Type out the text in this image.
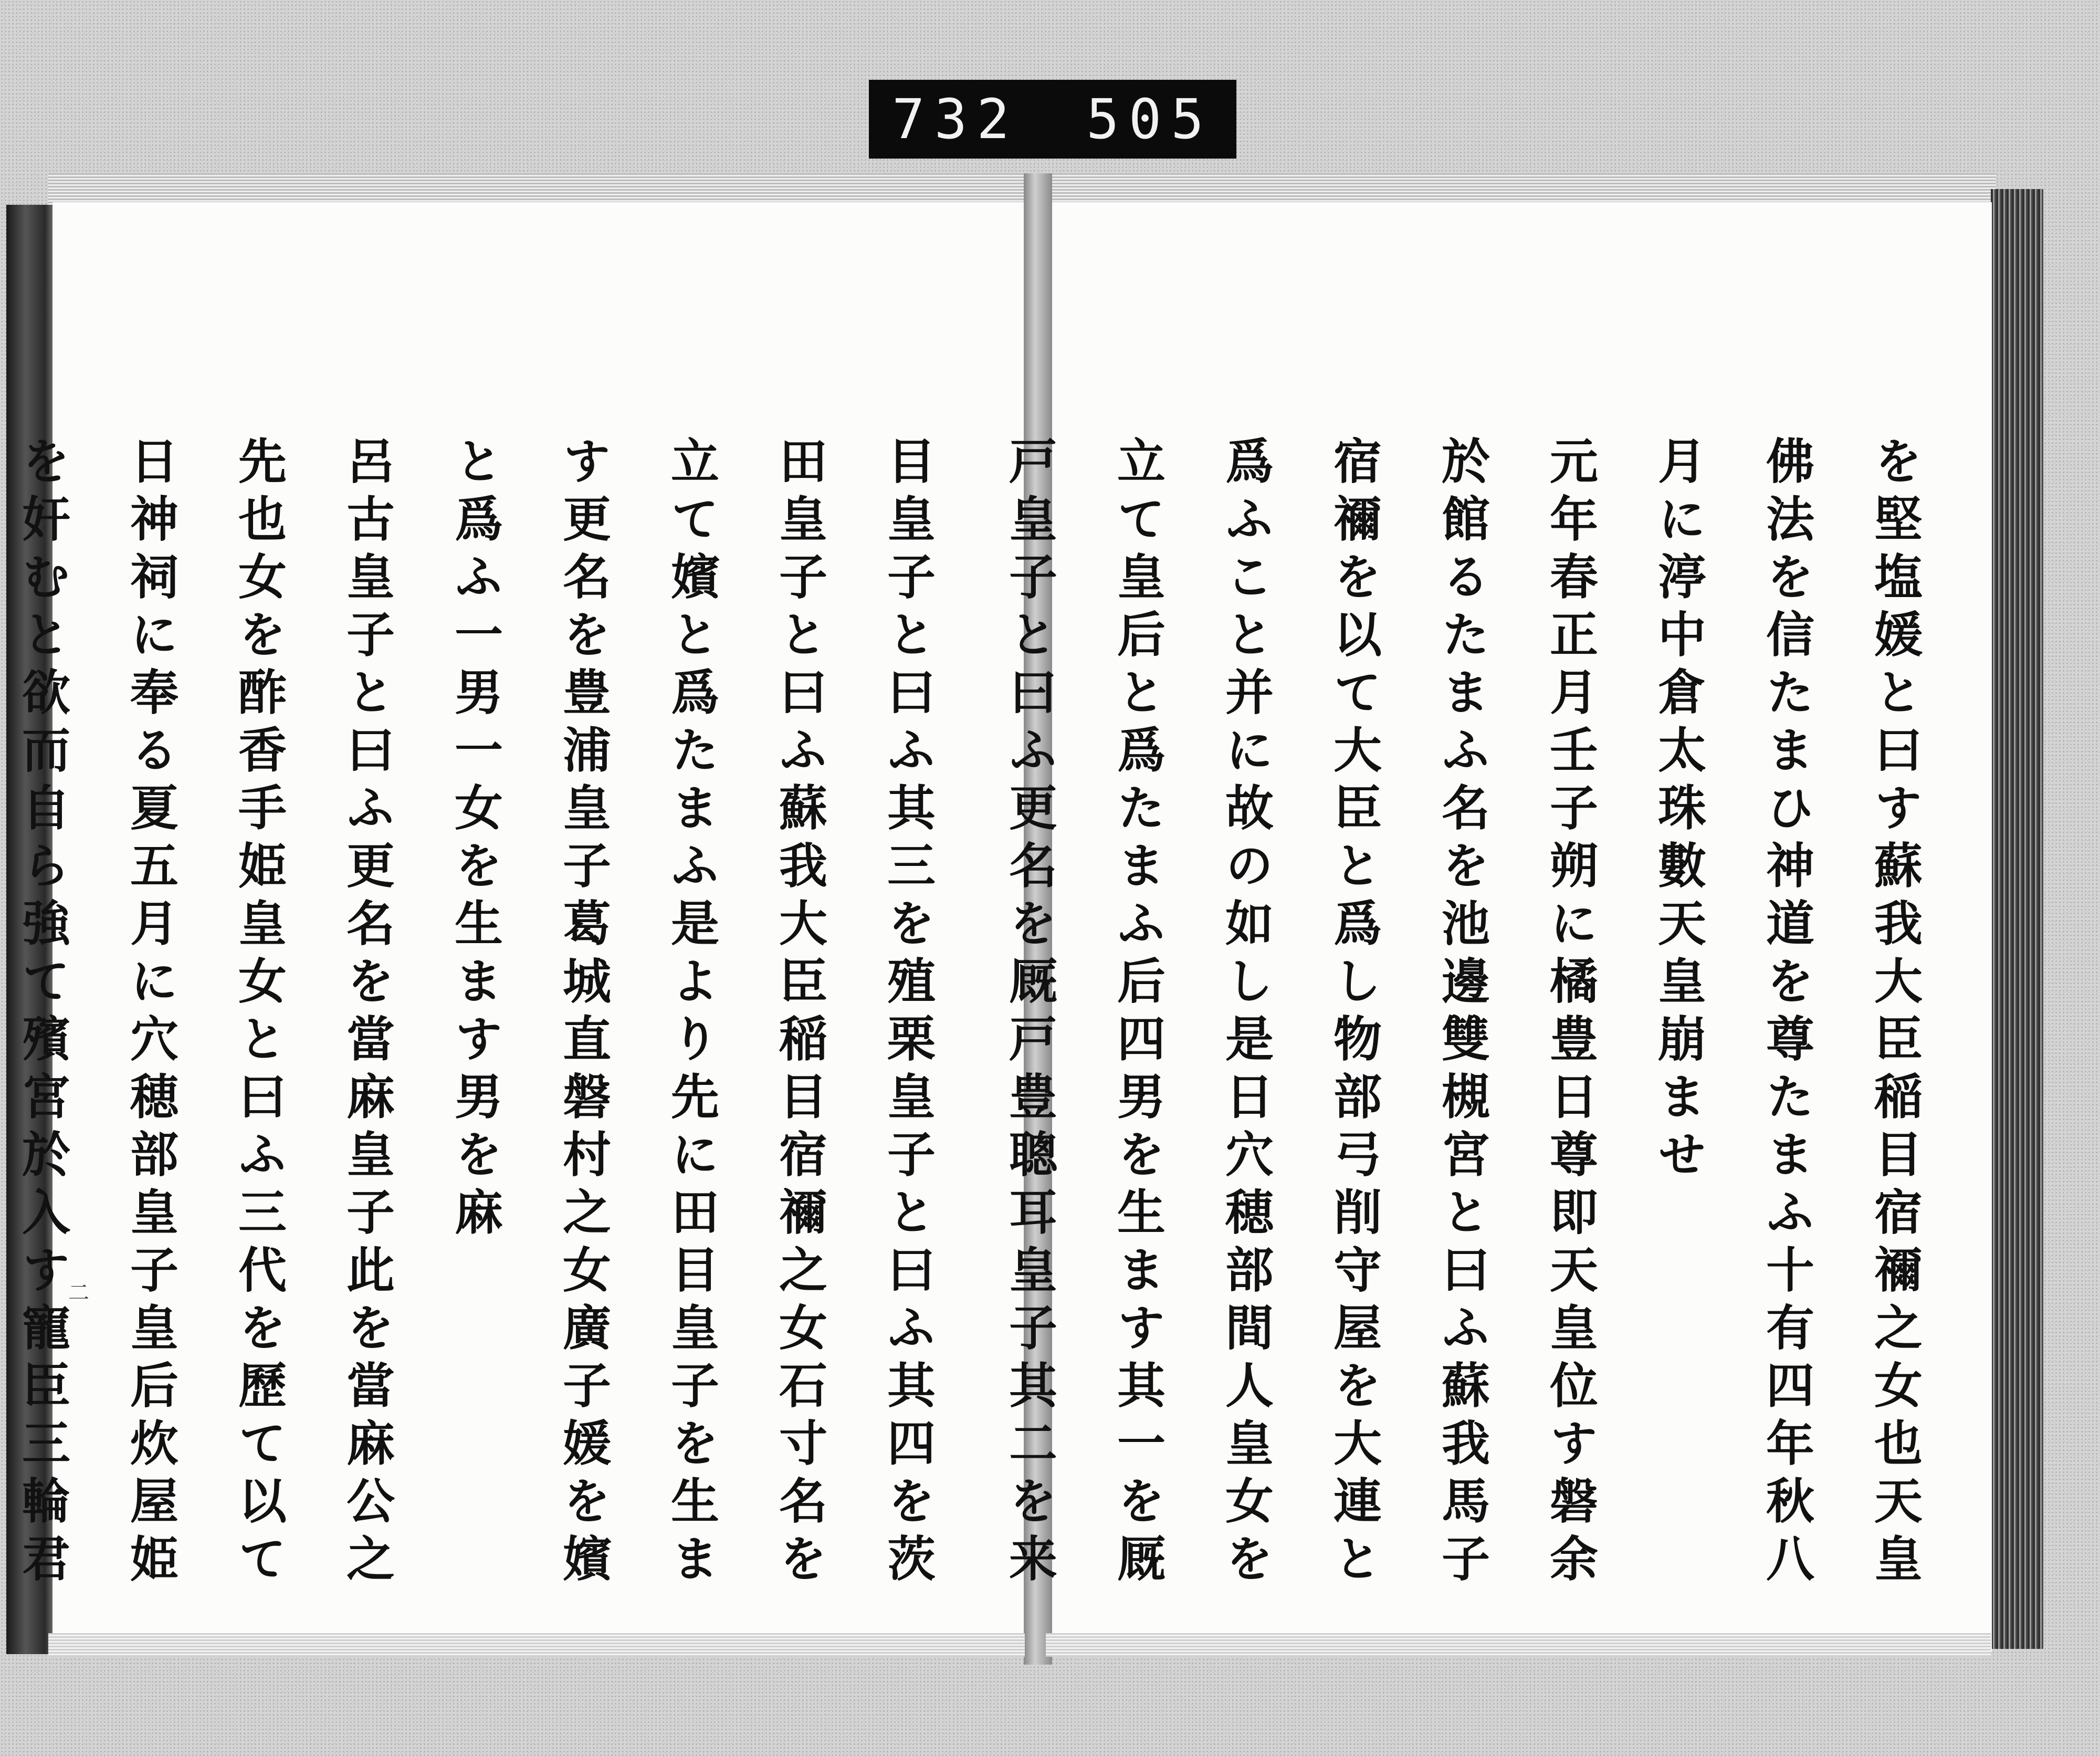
732 505

を堅塩媛と曰す蘇我大臣稲目宿禰之女也天皇

佛法を信たまひ神道を尊たまふ十有四年秋八

月に渟中倉太珠數天皇崩ませ

元年春正月壬子朔に橘豊日尊即天皇位す磐余

於館るたまふ名を池邊雙槻宮と曰ふ蘇我馬子

宿禰を以て大臣と爲し物部弓削守屋を大連と

爲ふこと并に故の如し是日穴穂部間人皇女を

立て皇后と爲たまふ后四男を生ます其一を厩

戸皇子と曰ふ更名を厩戸豊聰耳皇子其二を来

目皇子と曰ふ其三を殖栗皇子と曰ふ其四を茨

田皇子と曰ふ蘇我大臣稲目宿禰之女石寸名を

立て嬪と爲たまふ是より先に田目皇子を生ま

す更名を豊浦皇子葛城直磐村之女廣子媛を嬪

と爲ふ一男一女を生ます男を麻

呂古皇子と曰ふ更名を當麻皇子此を當麻公之

先也女を酢香手姫皇女と曰ふ三代を歷て以て

日神祠に奉る夏五月に穴穂部皇子皇后炊屋姫

を奸むと欲而自ら強て殯宮於入す寵臣三輪君

二
